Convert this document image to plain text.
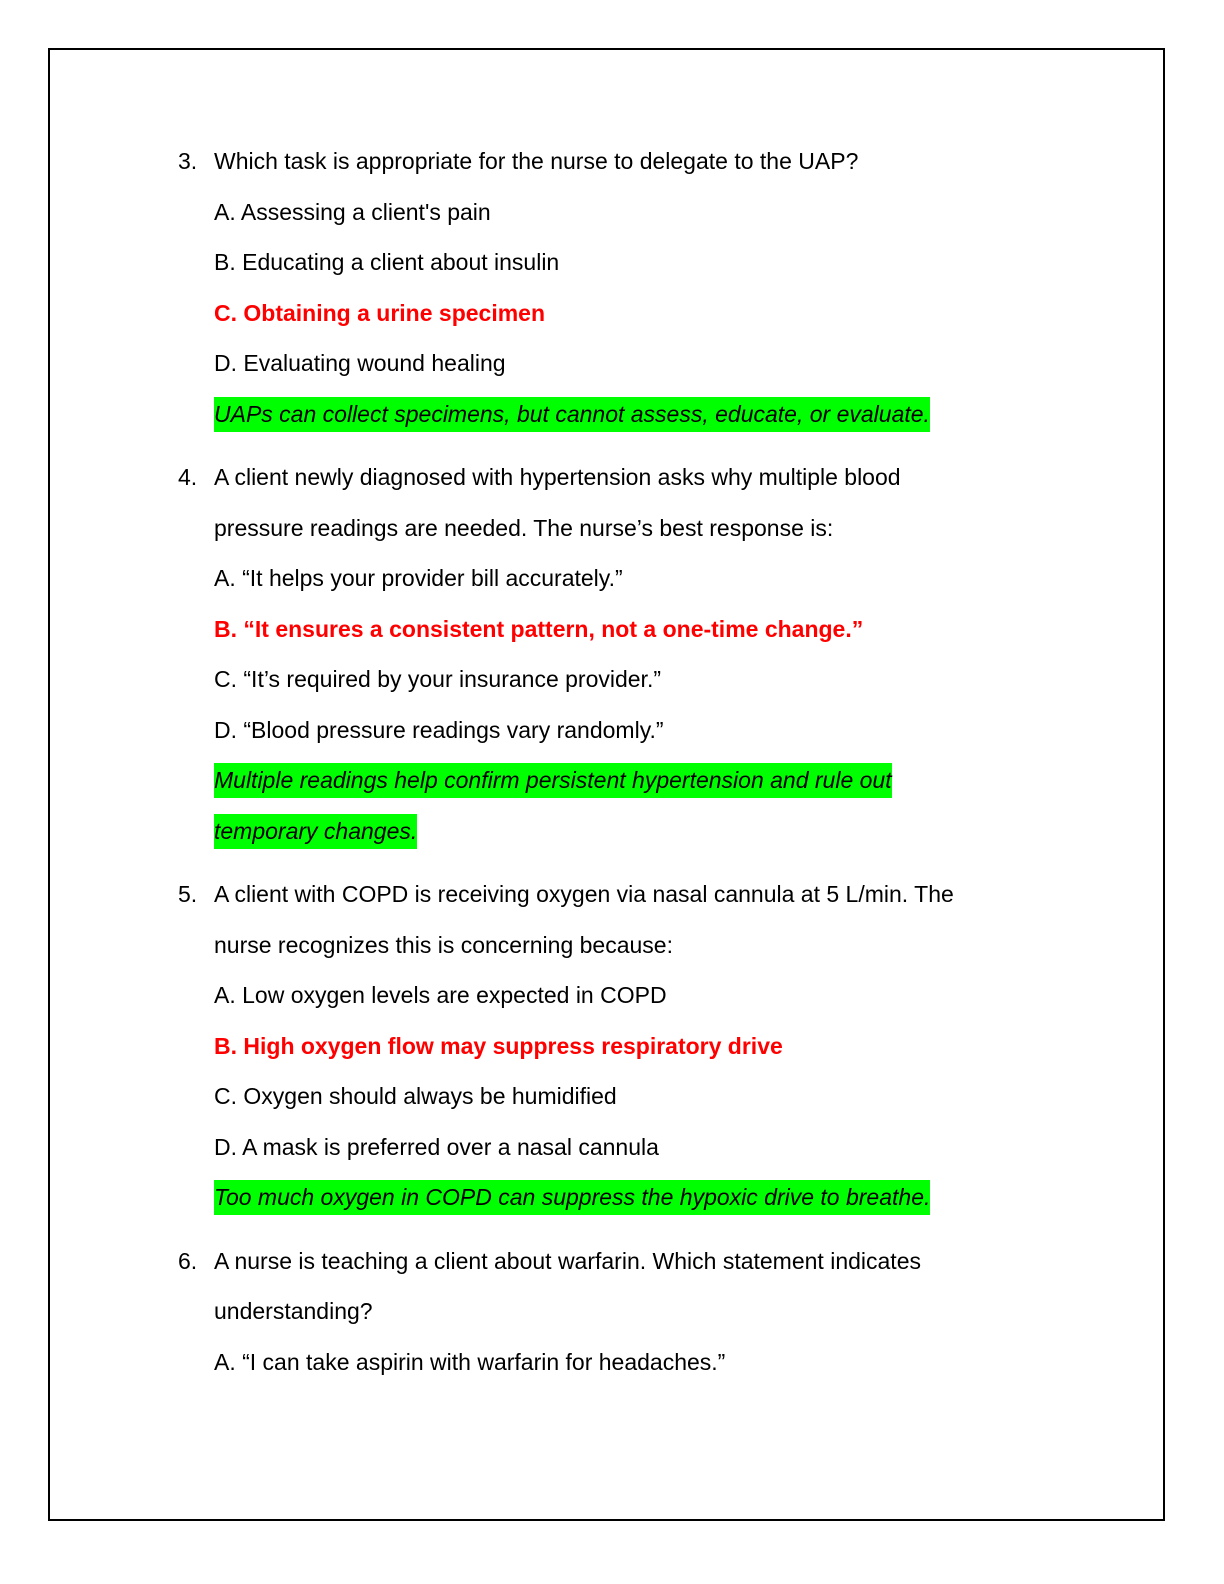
3. Which task is appropriate for the nurse to delegate to the UAP?
A. Assessing a client's pain
B. Educating a client about insulin
C. Obtaining a urine specimen
D. Evaluating wound healing
UAPs can collect specimens, but cannot assess, educate, or evaluate.
4. A client newly diagnosed with hypertension asks why multiple blood
pressure readings are needed. The nurse’s best response is:
A. “It helps your provider bill accurately.”
B. “It ensures a consistent pattern, not a one-time change.”
C. “It’s required by your insurance provider.”
D. “Blood pressure readings vary randomly.”
Multiple readings help confirm persistent hypertension and rule out
temporary changes.
5. A client with COPD is receiving oxygen via nasal cannula at 5 L/min. The
nurse recognizes this is concerning because:
A. Low oxygen levels are expected in COPD
B. High oxygen flow may suppress respiratory drive
C. Oxygen should always be humidified
D. A mask is preferred over a nasal cannula
Too much oxygen in COPD can suppress the hypoxic drive to breathe.
6. A nurse is teaching a client about warfarin. Which statement indicates
understanding?
A. “I can take aspirin with warfarin for headaches.”
